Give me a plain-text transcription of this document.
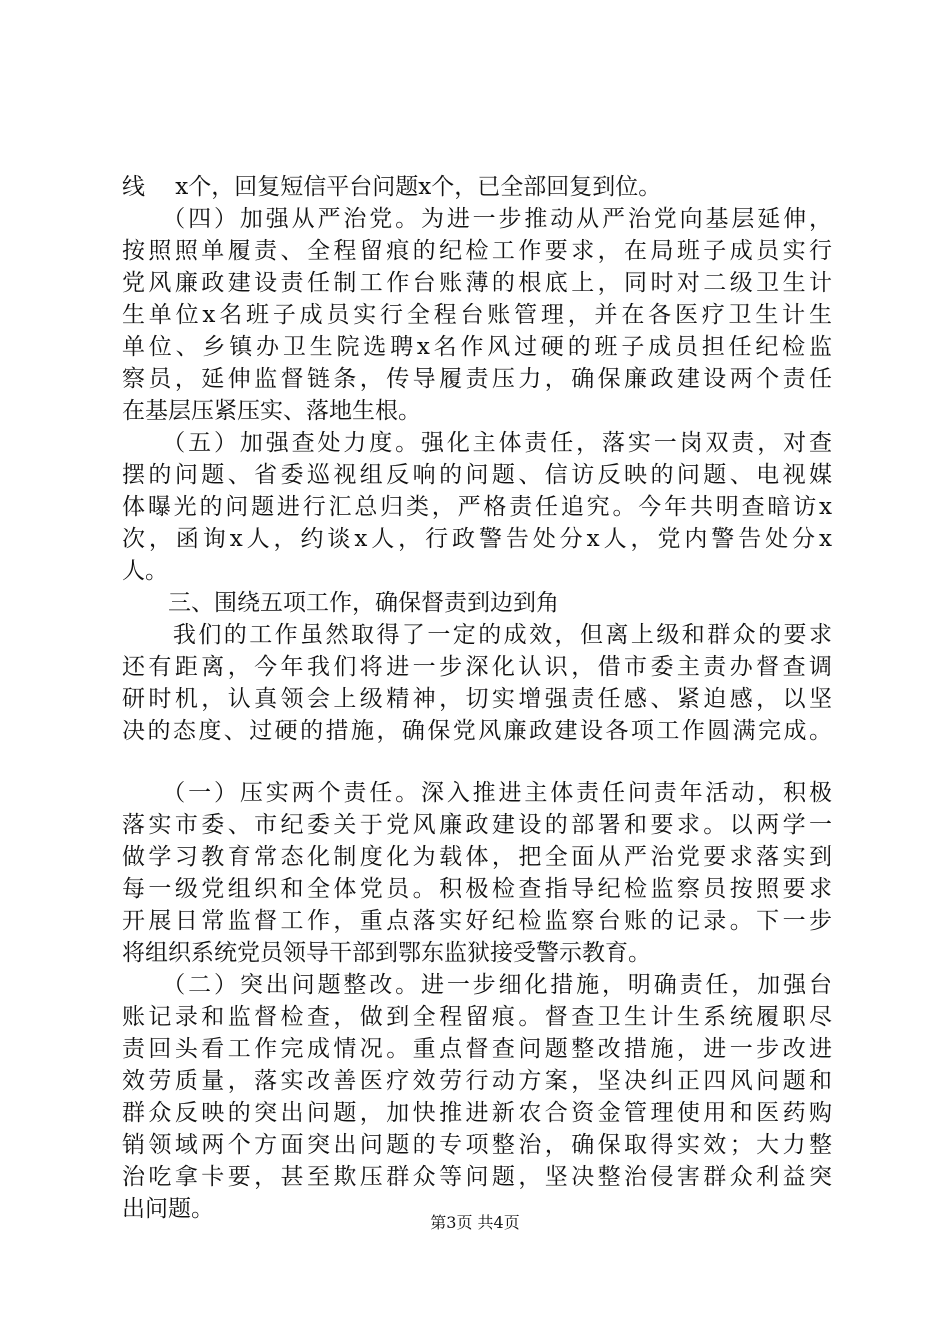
线　 x个，回复短信平台问题x个，已全部回复到位。
　　（四）加强从严治党。为进一步推动从严治党向基层延伸，
按照照单履责、全程留痕的纪检工作要求，在局班子成员实行
党风廉政建设责任制工作台账薄的根底上，同时对二级卫生计
生单位x名班子成员实行全程台账管理，并在各医疗卫生计生
单位、乡镇办卫生院选聘x名作风过硬的班子成员担任纪检监
察员，延伸监督链条，传导履责压力，确保廉政建设两个责任
在基层压紧压实、落地生根。
　　（五）加强查处力度。强化主体责任，落实一岗双责，对查
摆的问题、省委巡视组反响的问题、信访反映的问题、电视媒
体曝光的问题进行汇总归类，严格责任追究。今年共明查暗访x
次，函询x人，约谈x人，行政警告处分x人，党内警告处分x
人。
　　三、围绕五项工作，确保督责到边到角
　　我们的工作虽然取得了一定的成效，但离上级和群众的要求
还有距离，今年我们将进一步深化认识，借市委主责办督查调
研时机，认真领会上级精神，切实增强责任感、紧迫感，以坚
决的态度、过硬的措施，确保党风廉政建设各项工作圆满完成。
　　（一）压实两个责任。深入推进主体责任问责年活动，积极
落实市委、市纪委关于党风廉政建设的部署和要求。以两学一
做学习教育常态化制度化为载体，把全面从严治党要求落实到
每一级党组织和全体党员。积极检查指导纪检监察员按照要求
开展日常监督工作，重点落实好纪检监察台账的记录。下一步
将组织系统党员领导干部到鄂东监狱接受警示教育。
　　（二）突出问题整改。进一步细化措施，明确责任，加强台
账记录和监督检查，做到全程留痕。督查卫生计生系统履职尽
责回头看工作完成情况。重点督查问题整改措施，进一步改进
效劳质量，落实改善医疗效劳行动方案，坚决纠正四风问题和
群众反映的突出问题，加快推进新农合资金管理使用和医药购
销领域两个方面突出问题的专项整治，确保取得实效；大力整
治吃拿卡要，甚至欺压群众等问题，坚决整治侵害群众利益突
出问题。
第3页 共4页
